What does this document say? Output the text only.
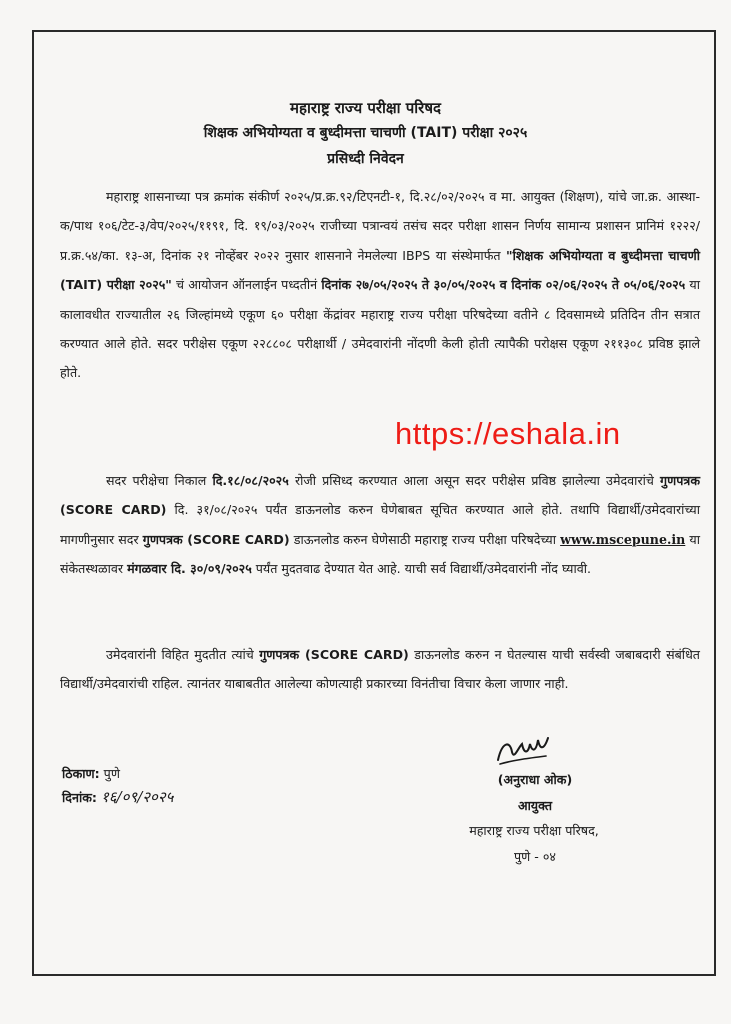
महाराष्ट्र राज्य परीक्षा परिषद
शिक्षक अभियोग्यता व बुध्दीमत्ता चाचणी (TAIT) परीक्षा २०२५
प्रसिध्दी निवेदन
महाराष्ट्र शासनाच्या पत्र क्रमांक संकीर्ण २०२५/प्र.क्र.९२/टिएनटी-१, दि.२८/०२/२०२५ व मा. आयुक्त (शिक्षण), यांचे जा.क्र. आस्था-क/पाथ १०६/टेट-३/वेप/२०२५/११९१, दि. १९/०३/२०२५ राजीच्या पत्रान्वयं तसंच सदर परीक्षा शासन निर्णय सामान्य प्रशासन प्रानिमं १२२२/प्र.क्र.५४/का. १३-अ, दिनांक २१ नोव्हेंबर २०२२ नुसार शासनाने नेमलेल्या IBPS या संस्थेमार्फत "शिक्षक अभियोग्यता व बुध्दीमत्ता चाचणी (TAIT) परीक्षा २०२५" चं आयोजन ऑनलाईन पध्दतीनं दिनांक २७/०५/२०२५ ते ३०/०५/२०२५ व दिनांक ०२/०६/२०२५ ते ०५/०६/२०२५ या कालावधीत राज्यातील २६ जिल्हांमध्ये एकूण ६० परीक्षा केंद्रांवर महाराष्ट्र राज्य परीक्षा परिषदेच्या वतीने ८ दिवसामध्ये प्रतिदिन तीन सत्रात करण्यात आले होते. सदर परीक्षेस एकूण २२८८०८ परीक्षार्थी / उमेदवारांनी नोंदणी केली होती त्यापैकी परोक्षस एकूण २११३०८ प्रविष्ठ झाले होते.
सदर परीक्षेचा निकाल दि.१८/०८/२०२५ रोजी प्रसिध्द करण्यात आला असून सदर परीक्षेस प्रविष्ठ झालेल्या उमेदवारांचे गुणपत्रक (SCORE CARD) दि. ३१/०८/२०२५ पर्यंत डाऊनलोड करुन घेणेबाबत सूचित करण्यात आले होते. तथापि विद्यार्थी/उमेदवारांच्या मागणीनुसार सदर गुणपत्रक (SCORE CARD) डाऊनलोड करुन घेणेसाठी महाराष्ट्र राज्य परीक्षा परिषदेच्या www.mscepune.in या संकेतस्थळावर मंगळवार दि. ३०/०९/२०२५ पर्यंत मुदतवाढ देण्यात येत आहे. याची सर्व विद्यार्थी/उमेदवारांनी नोंद घ्यावी.
उमेदवारांनी विहित मुदतीत त्यांचे गुणपत्रक (SCORE CARD) डाऊनलोड करुन न घेतल्यास याची सर्वस्वी जबाबदारी संबंधित विद्यार्थी/उमेदवारांची राहिल. त्यानंतर याबाबतीत आलेल्या कोणत्याही प्रकारच्या विनंतीचा विचार केला जाणार नाही.
https://eshala.in
ठिकाण: पुणे
दिनांक: १६/०९/२०२५
(अनुराधा ओक)
आयुक्त
महाराष्ट्र राज्य परीक्षा परिषद,
पुणे - ०४
